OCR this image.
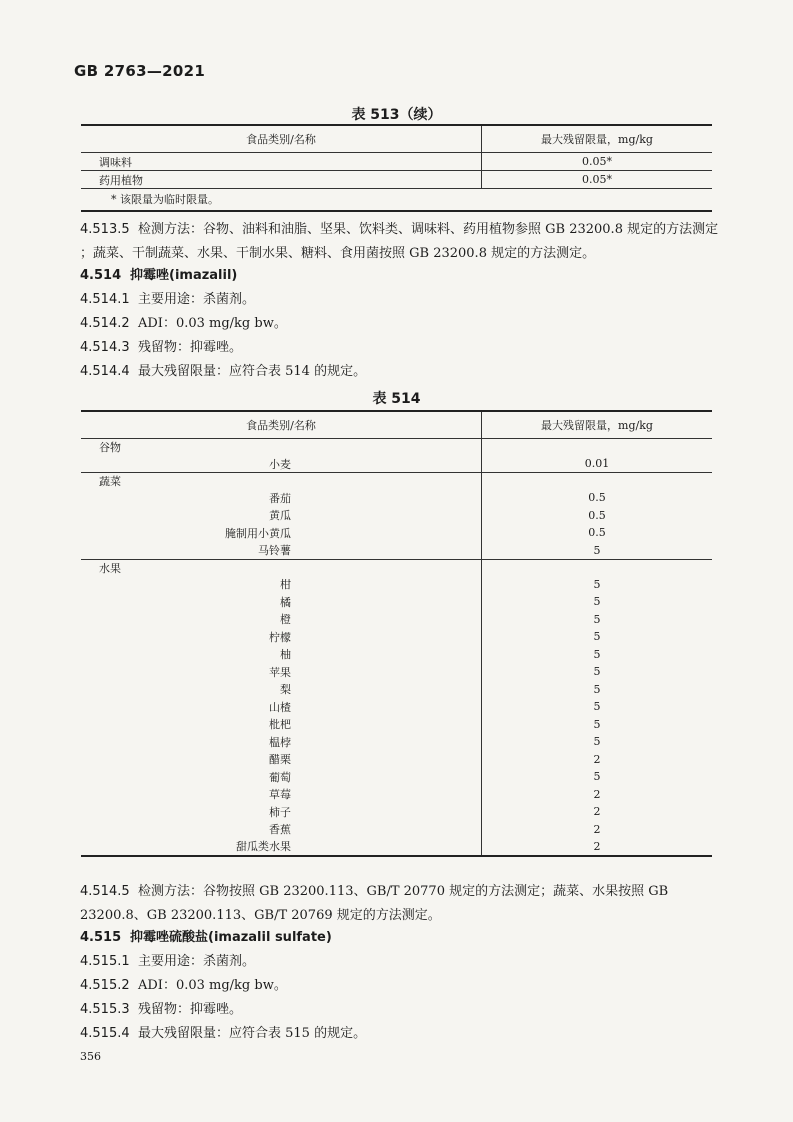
GB 2763—2021
表 513（续）
食品类别/名称	最大残留限量，mg/kg
调味料	0.05*
药用植物	0.05*
* 该限量为临时限量。	
4.513.5 检测方法：谷物、油料和油脂、坚果、饮料类、调味料、药用植物参照 GB 23200.8 规定的方法测定
；蔬菜、干制蔬菜、水果、干制水果、糖料、食用菌按照 GB 23200.8 规定的方法测定。
4.514 抑霉唑(imazalil)
4.514.1 主要用途：杀菌剂。
4.514.2 ADI：0.03 mg/kg bw。
4.514.3 残留物：抑霉唑。
4.514.4 最大残留限量：应符合表 514 的规定。
表 514
食品类别/名称	最大残留限量，mg/kg
谷物	
小麦	0.01
蔬菜	
番茄	0.5
黄瓜	0.5
腌制用小黄瓜	0.5
马铃薯	5
水果	
柑	5
橘	5
橙	5
柠檬	5
柚	5
苹果	5
梨	5
山楂	5
枇杷	5
榅桲	5
醋栗	2
葡萄	5
草莓	2
柿子	2
香蕉	2
甜瓜类水果	2
4.514.5 检测方法：谷物按照 GB 23200.113、GB/T 20770 规定的方法测定；蔬菜、水果按照 GB
23200.8、GB 23200.113、GB/T 20769 规定的方法测定。
4.515 抑霉唑硫酸盐(imazalil sulfate)
4.515.1 主要用途：杀菌剂。
4.515.2 ADI：0.03 mg/kg bw。
4.515.3 残留物：抑霉唑。
4.515.4 最大残留限量：应符合表 515 的规定。
356
